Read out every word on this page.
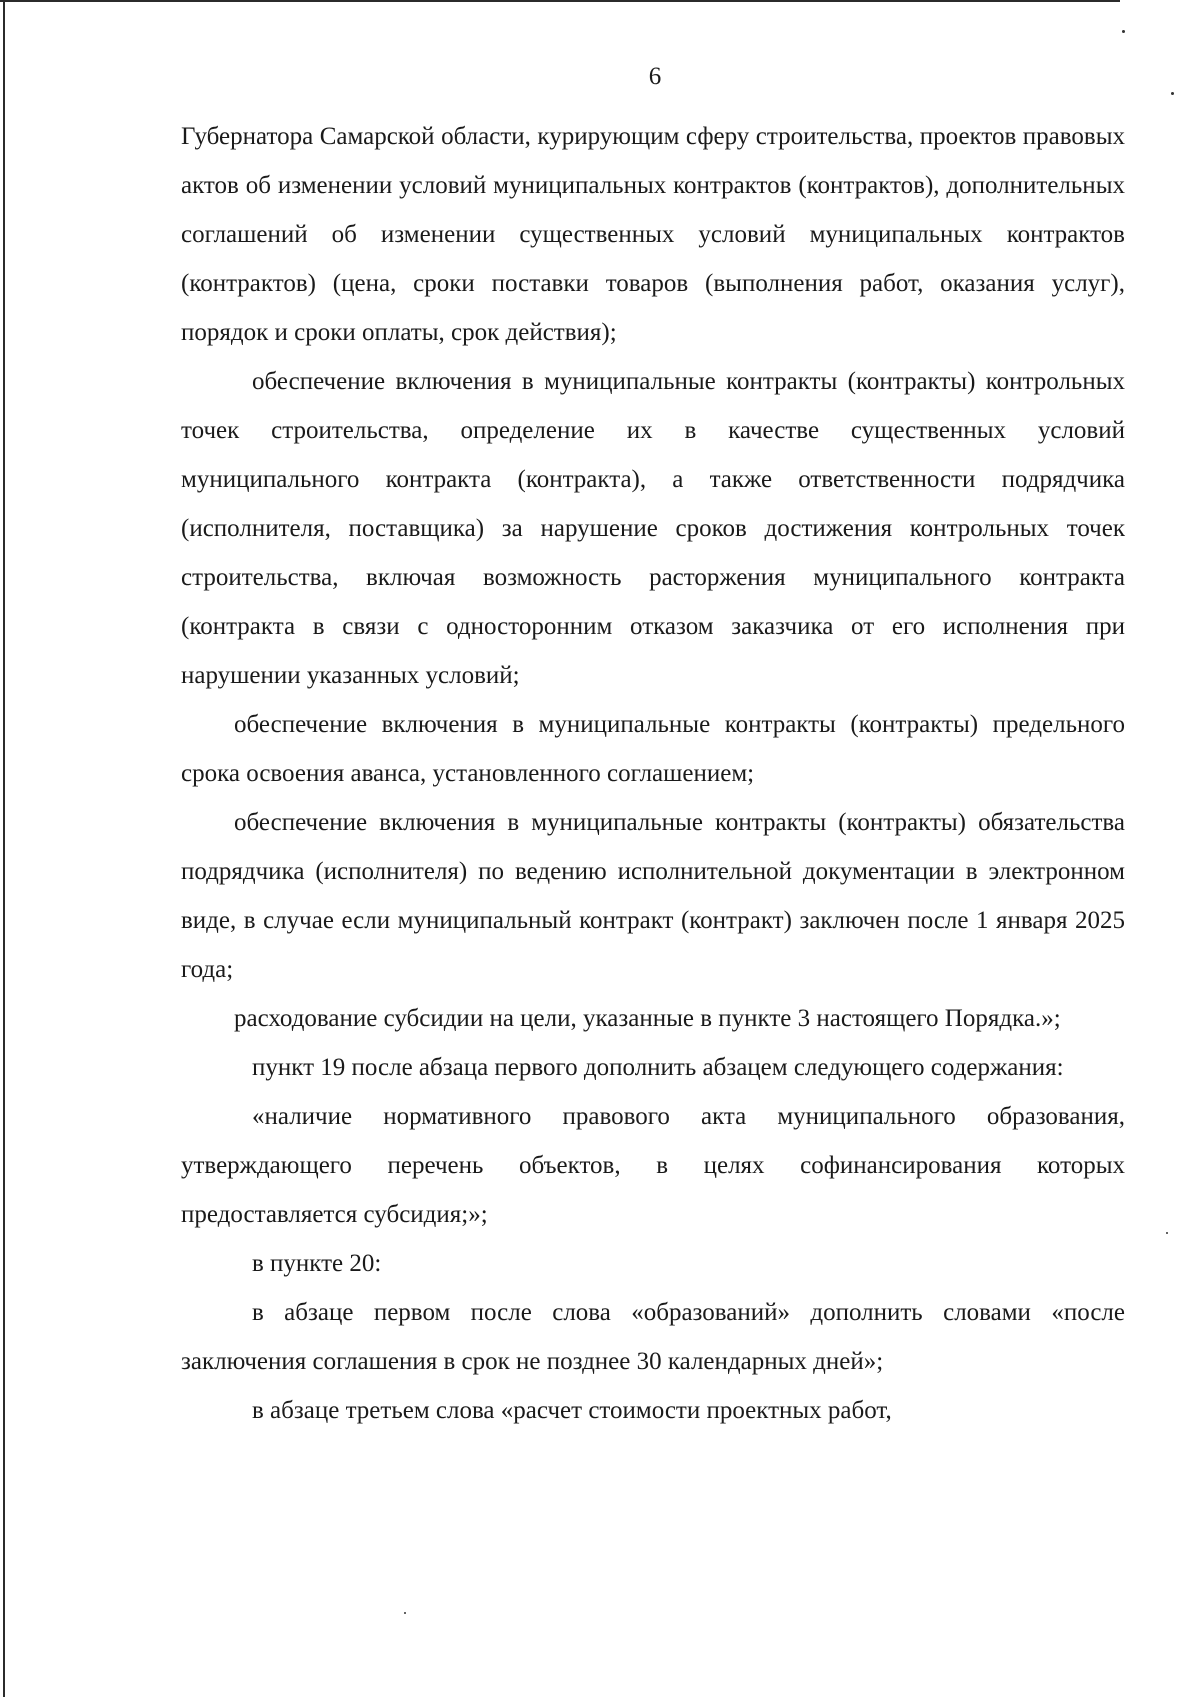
6

Губернатора Самарской области, курирующим сферу строительства, проектов правовых актов об изменении условий муниципальных контрактов (контрактов), дополнительных соглашений об изменении существенных условий муниципальных контрактов (контрактов) (цена, сроки поставки товаров (выполнения работ, оказания услуг), порядок и сроки оплаты, срок действия);

обеспечение включения в муниципальные контракты (контракты) контрольных точек строительства, определение их в качестве существенных условий муниципального контракта (контракта), а также ответственности подрядчика (исполнителя, поставщика) за нарушение сроков достижения контрольных точек строительства, включая возможность расторжения муниципального контракта (контракта в связи с односторонним отказом заказчика от его исполнения при нарушении указанных условий;

обеспечение включения в муниципальные контракты (контракты) предельного срока освоения аванса, установленного соглашением;

обеспечение включения в муниципальные контракты (контракты) обязательства подрядчика (исполнителя) по ведению исполнительной документации в электронном виде, в случае если муниципальный контракт (контракт) заключен после 1 января 2025 года;

расходование субсидии на цели, указанные в пункте 3 настоящего Порядка.»;

пункт 19 после абзаца первого дополнить абзацем следующего содержания:

«наличие нормативного правового акта муниципального образования, утверждающего перечень объектов, в целях софинансирования которых предоставляется субсидия;»;

в пункте 20:

в абзаце первом после слова «образований» дополнить словами «после заключения соглашения в срок не позднее 30 календарных дней»;

в абзаце третьем слова «расчет стоимости проектных работ,
